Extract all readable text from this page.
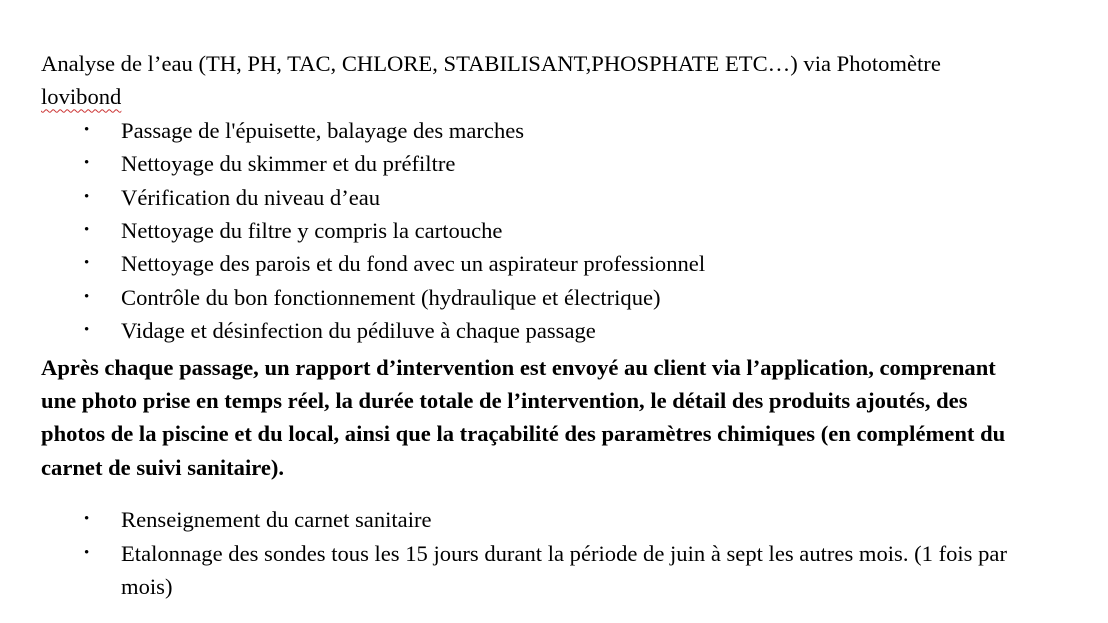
Analyse de l’eau (TH, PH, TAC, CHLORE, STABILISANT,PHOSPHATE ETC…) via Photomètre lovibond

• Passage de l'épuisette, balayage des marches
• Nettoyage du skimmer et du préfiltre
• Vérification du niveau d’eau
• Nettoyage du filtre y compris la cartouche
• Nettoyage des parois et du fond avec un aspirateur professionnel
• Contrôle du bon fonctionnement (hydraulique et électrique)
• Vidage et désinfection du pédiluve à chaque passage

Après chaque passage, un rapport d’intervention est envoyé au client via l’application, comprenant une photo prise en temps réel, la durée totale de l’intervention, le détail des produits ajoutés, des photos de la piscine et du local, ainsi que la traçabilité des paramètres chimiques (en complément du carnet de suivi sanitaire).

• Renseignement du carnet sanitaire
• Etalonnage des sondes tous les 15 jours durant la période de juin à sept les autres mois. (1 fois par mois)
